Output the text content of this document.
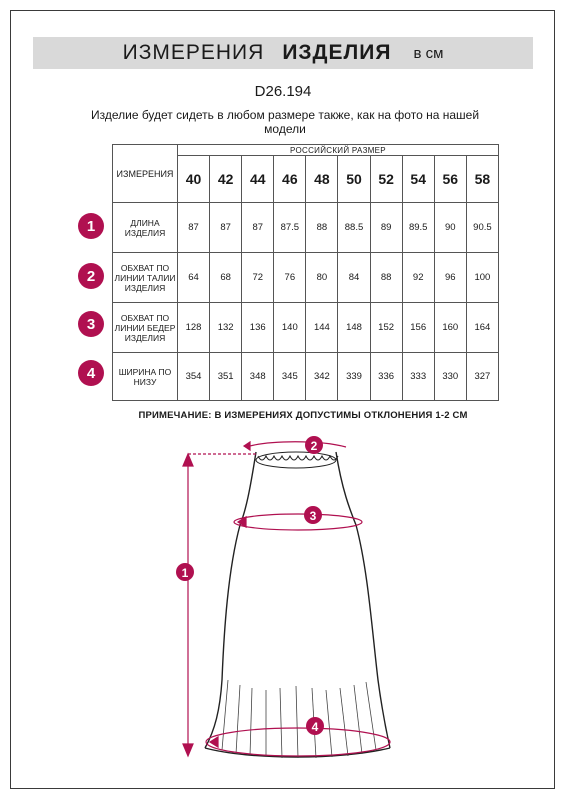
ИЗМЕРЕНИЯ ИЗДЕЛИЯ в см
D26.194
Изделие будет сидеть в любом размере также, как на фото на нашей модели
ИЗМЕРЕНИЯ	РОССИЙСКИЙ РАЗМЕР									
	40	42	44	46	48	50	52	54	56	58
ДЛИНА ИЗДЕЛИЯ	87	87	87	87.5	88	88.5	89	89.5	90	90.5
ОБХВАТ ПО ЛИНИИ ТАЛИИ ИЗДЕЛИЯ	64	68	72	76	80	84	88	92	96	100
ОБХВАТ ПО ЛИНИИ БЕДЕР ИЗДЕЛИЯ	128	132	136	140	144	148	152	156	160	164
ШИРИНА ПО НИЗУ	354	351	348	345	342	339	336	333	330	327
1
2
3
4
ПРИМЕЧАНИЕ: В ИЗМЕРЕНИЯХ ДОПУСТИМЫ ОТКЛОНЕНИЯ 1-2 СМ
2
3
1
4
